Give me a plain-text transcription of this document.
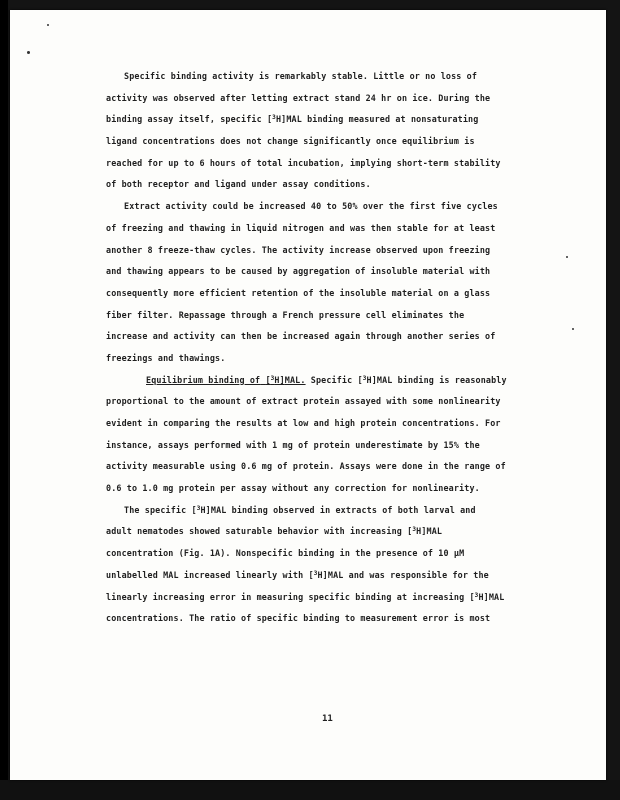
Specific binding activity is remarkably stable. Little or no loss of
activity was observed after letting extract stand 24 hr on ice. During the
binding assay itself, specific [$^3$H]MAL binding measured at nonsaturating
ligand concentrations does not change significantly once equilibrium is
reached for up to 6 hours of total incubation, implying short-term stability
of both receptor and ligand under assay conditions.
Extract activity could be increased 40 to 50% over the first five cycles
of freezing and thawing in liquid nitrogen and was then stable for at least
another 8 freeze-thaw cycles. The activity increase observed upon freezing
and thawing appears to be caused by aggregation of insoluble material with
consequently more efficient retention of the insoluble material on a glass
fiber filter. Repassage through a French pressure cell eliminates the
increase and activity can then be increased again through another series of
freezings and thawings.
Equilibrium binding of [$^3$H]MAL. Specific [$^3$H]MAL binding is reasonably
proportional to the amount of extract protein assayed with some nonlinearity
evident in comparing the results at low and high protein concentrations. For
instance, assays performed with 1 mg of protein underestimate by 15% the
activity measurable using 0.6 mg of protein. Assays were done in the range of
0.6 to 1.0 mg protein per assay without any correction for nonlinearity.
The specific [$^3$H]MAL binding observed in extracts of both larval and
adult nematodes showed saturable behavior with increasing [$^3$H]MAL
concentration (Fig. 1A). Nonspecific binding in the presence of 10 µM
unlabelled MAL increased linearly with [$^3$H]MAL and was responsible for the
linearly increasing error in measuring specific binding at increasing [$^3$H]MAL
concentrations. The ratio of specific binding to measurement error is most
11
